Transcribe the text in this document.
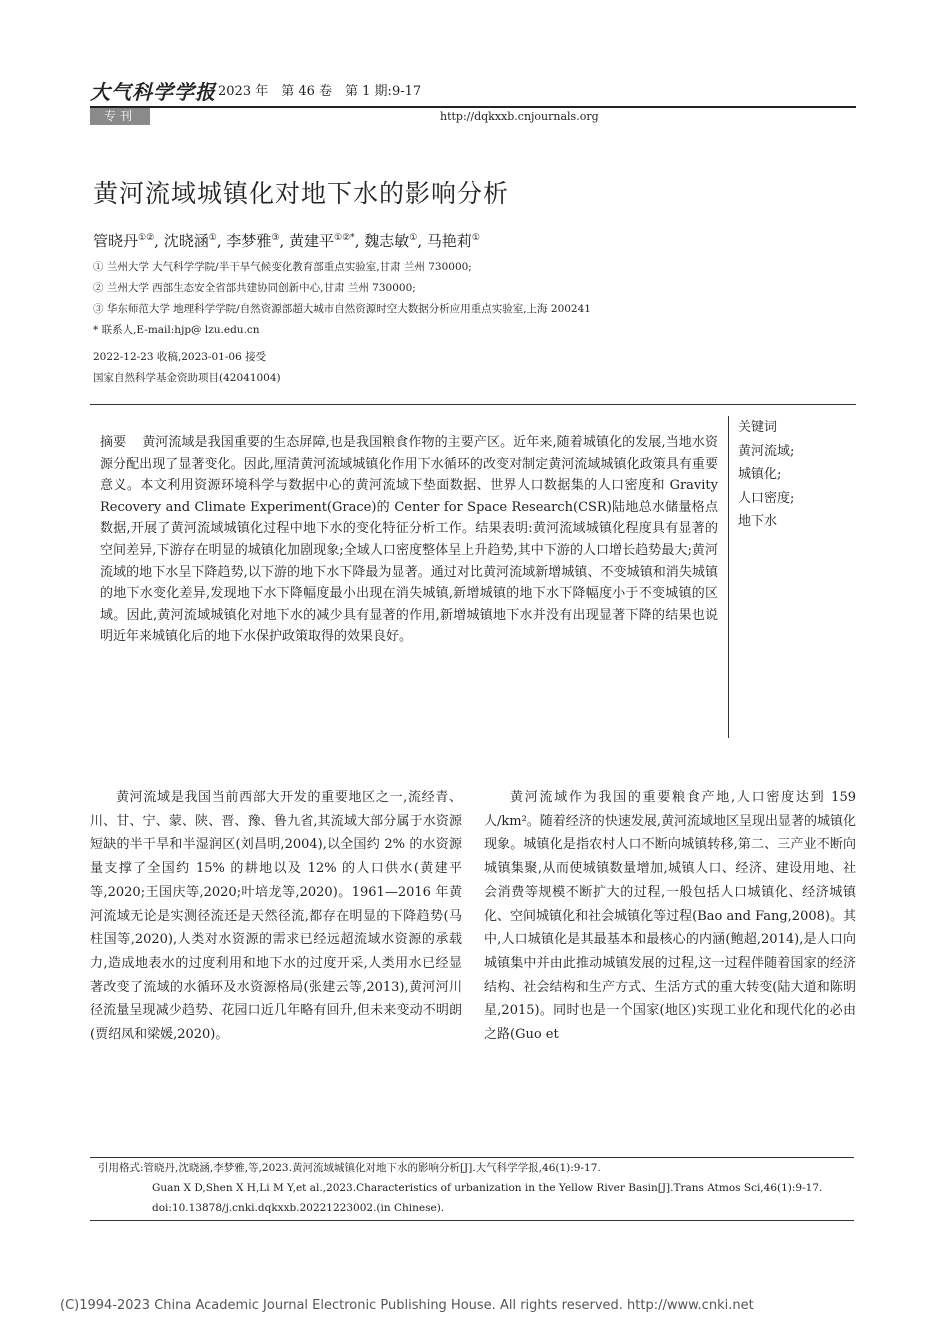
大气科学学报 2023 年　第 46 卷　第 1 期:9-17
专刊	http://dqkxxb.cnjournals.org
黄河流域城镇化对地下水的影响分析
管晓丹①②, 沈晓涵①, 李梦雅③, 黄建平①②*, 魏志敏①, 马艳莉①
① 兰州大学 大气科学学院/半干旱气候变化教育部重点实验室,甘肃 兰州 730000;
② 兰州大学 西部生态安全省部共建协同创新中心,甘肃 兰州 730000;
③ 华东师范大学 地理科学学院/自然资源部超大城市自然资源时空大数据分析应用重点实验室,上海 200241
* 联系人,E-mail:hjp@ lzu.edu.cn
2022-12-23 收稿,2023-01-06 接受
国家自然科学基金资助项目(42041004)
摘要 黄河流域是我国重要的生态屏障,也是我国粮食作物的主要产区。近年来,随着城镇化的发展,当地水资源分配出现了显著变化。因此,厘清黄河流域城镇化作用下水循环的改变对制定黄河流域城镇化政策具有重要意义。本文利用资源环境科学与数据中心的黄河流域下垫面数据、世界人口数据集的人口密度和 Gravity Recovery and Climate Experiment(Grace)的 Center for Space Research(CSR)陆地总水储量格点数据,开展了黄河流域城镇化过程中地下水的变化特征分析工作。结果表明:黄河流域城镇化程度具有显著的空间差异,下游存在明显的城镇化加剧现象;全域人口密度整体呈上升趋势,其中下游的人口增长趋势最大;黄河流域的地下水呈下降趋势,以下游的地下水下降最为显著。通过对比黄河流域新增城镇、不变城镇和消失城镇的地下水变化差异,发现地下水下降幅度最小出现在消失城镇,新增城镇的地下水下降幅度小于不变城镇的区域。因此,黄河流域城镇化对地下水的减少具有显著的作用,新增城镇地下水并没有出现显著下降的结果也说明近年来城镇化后的地下水保护政策取得的效果良好。
关键词
黄河流域;
城镇化;
人口密度;
地下水
黄河流域是我国当前西部大开发的重要地区之一,流经青、川、甘、宁、蒙、陕、晋、豫、鲁九省,其流域大部分属于水资源短缺的半干旱和半湿润区(刘昌明,2004),以全国约 2% 的水资源量支撑了全国约 15% 的耕地以及 12% 的人口供水(黄建平等,2020;王国庆等,2020;叶培龙等,2020)。1961—2016 年黄河流域无论是实测径流还是天然径流,都存在明显的下降趋势(马柱国等,2020),人类对水资源的需求已经远超流域水资源的承载力,造成地表水的过度利用和地下水的过度开采,人类用水已经显著改变了流域的水循环及水资源格局(张建云等,2013),黄河河川径流量呈现减少趋势、花园口近几年略有回升,但未来变动不明朗(贾绍凤和梁媛,2020)。
黄河流域作为我国的重要粮食产地,人口密度达到 159 人/km²。随着经济的快速发展,黄河流域地区呈现出显著的城镇化现象。城镇化是指农村人口不断向城镇转移,第二、三产业不断向城镇集聚,从而使城镇数量增加,城镇人口、经济、建设用地、社会消费等规模不断扩大的过程,一般包括人口城镇化、经济城镇化、空间城镇化和社会城镇化等过程(Bao and Fang,2008)。其中,人口城镇化是其最基本和最核心的内涵(鲍超,2014),是人口向城镇集中并由此推动城镇发展的过程,这一过程伴随着国家的经济结构、社会结构和生产方式、生活方式的重大转变(陆大道和陈明星,2015)。同时也是一个国家(地区)实现工业化和现代化的必由之路(Guo et
引用格式:管晓丹,沈晓涵,李梦雅,等,2023.黄河流域城镇化对地下水的影响分析[J].大气科学学报,46(1):9-17.
Guan X D,Shen X H,Li M Y,et al.,2023.Characteristics of urbanization in the Yellow River Basin[J].Trans Atmos Sci,46(1):9-17.
doi:10.13878/j.cnki.dqkxxb.20221223002.(in Chinese).
(C)1994-2023 China Academic Journal Electronic Publishing House. All rights reserved. http://www.cnki.net
